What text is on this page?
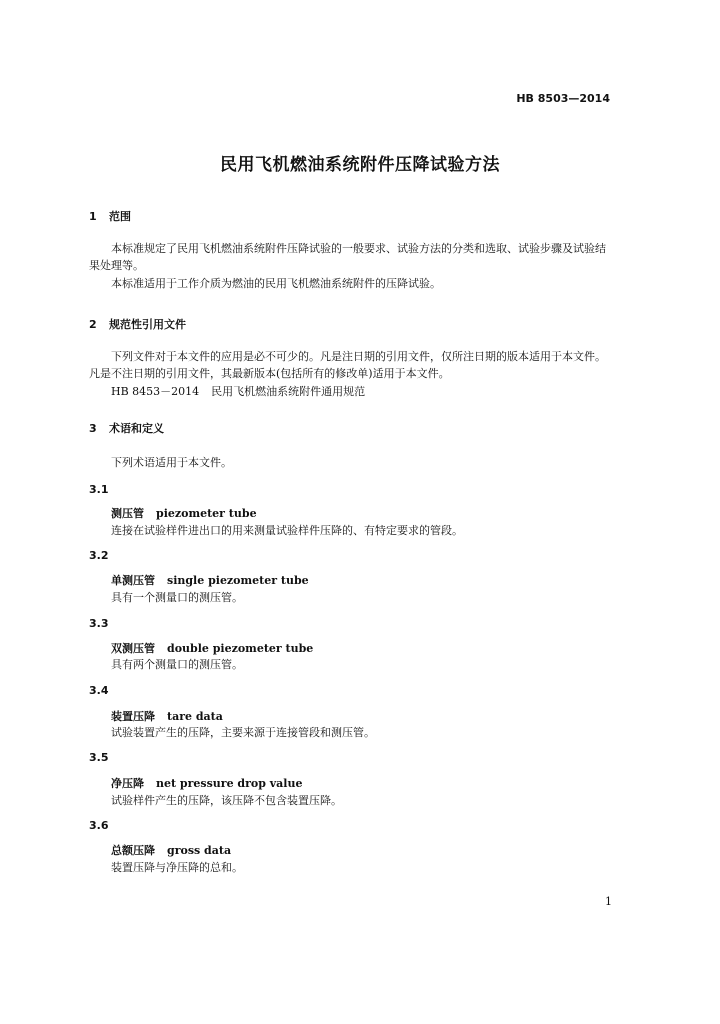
HB 8503—2014
民用飞机燃油系统附件压降试验方法
1 范围
本标准规定了民用飞机燃油系统附件压降试验的一般要求、试验方法的分类和选取、试验步骤及试验结果处理等。
本标准适用于工作介质为燃油的民用飞机燃油系统附件的压降试验。
2 规范性引用文件
下列文件对于本文件的应用是必不可少的。凡是注日期的引用文件，仅所注日期的版本适用于本文件。凡是不注日期的引用文件，其最新版本(包括所有的修改单)适用于本文件。
HB 8453－2014 民用飞机燃油系统附件通用规范
3 术语和定义
下列术语适用于本文件。
3.1
测压管 piezometer tube
连接在试验样件进出口的用来测量试验样件压降的、有特定要求的管段。
3.2
单测压管 single piezometer tube
具有一个测量口的测压管。
3.3
双测压管 double piezometer tube
具有两个测量口的测压管。
3.4
装置压降 tare data
试验装置产生的压降，主要来源于连接管段和测压管。
3.5
净压降 net pressure drop value
试验样件产生的压降，该压降不包含装置压降。
3.6
总额压降 gross data
装置压降与净压降的总和。
1
